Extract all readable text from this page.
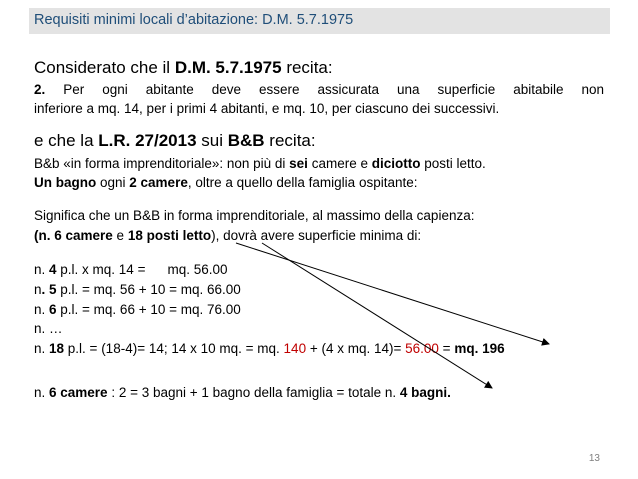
Requisiti minimi locali d’abitazione: D.M. 5.7.1975
Considerato che il D.M. 5.7.1975 recita:
2. Per ogni abitante deve essere assicurata una superficie abitabile non
inferiore a mq. 14, per i primi 4 abitanti, e mq. 10, per ciascuno dei successivi.
e che la L.R. 27/2013 sui B&B recita:
B&b «in forma imprenditoriale»: non più di sei camere e diciotto posti letto.
Un bagno ogni 2 camere, oltre a quello della famiglia ospitante:
Significa che un B&B in forma imprenditoriale, al massimo della capienza:
(n. 6 camere e 18 posti letto), dovrà avere superficie minima di:
n. 4 p.l. x mq. 14 = mq. 56.00
n. 5 p.l. = mq. 56 + 10 = mq. 66.00
n. 6 p.l. = mq. 66 + 10 = mq. 76.00
n. …
n. 18 p.l. = (18-4)= 14; 14 x 10 mq. = mq. 140 + (4 x mq. 14)= 56.00 = mq. 196
n. 6 camere : 2 = 3 bagni + 1 bagno della famiglia = totale n. 4 bagni.
13
